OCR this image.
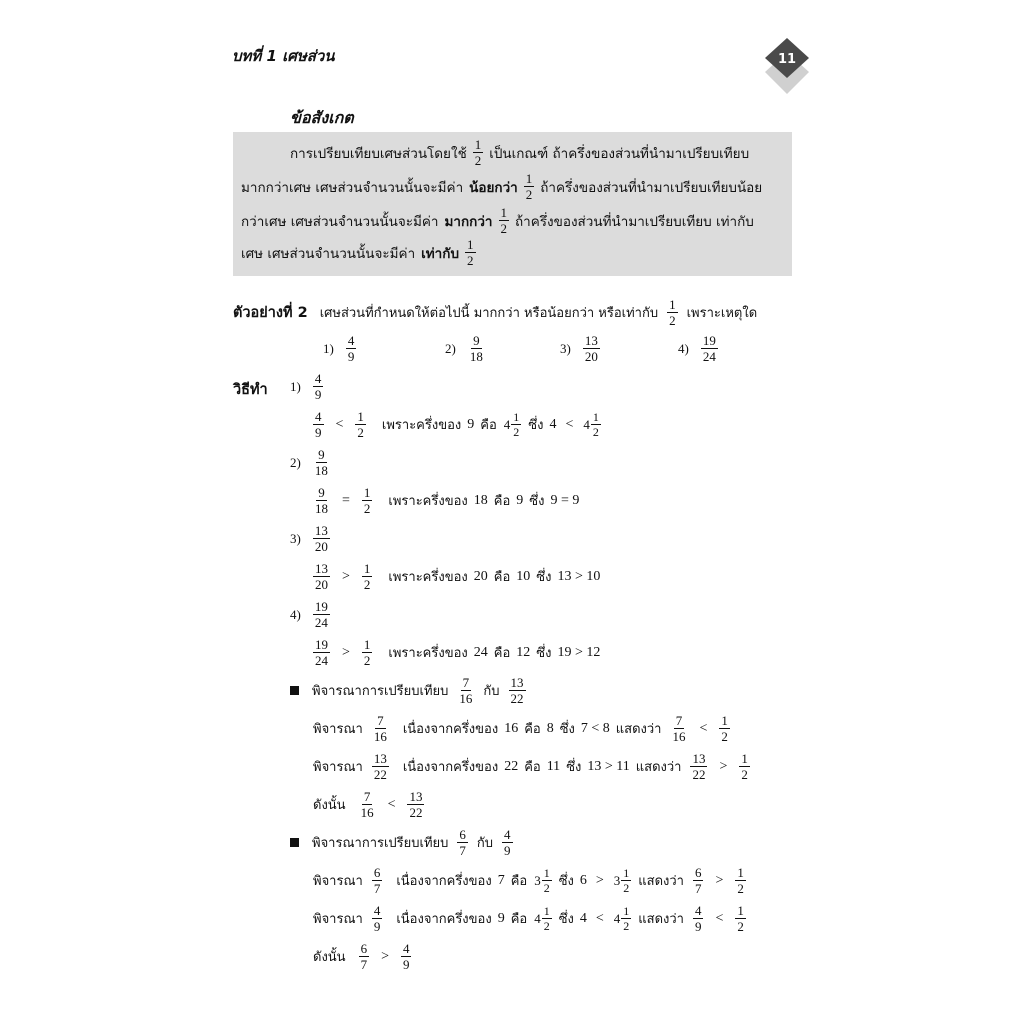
บทที่ 1 เศษส่วน	11
ข้อสังเกต
การเปรียบเทียบเศษส่วนโดยใช้ $\frac{1}{2}$ เป็นเกณฑ์ ถ้าครึ่งของส่วนที่นำมาเปรียบเทียบ
มากกว่าเศษ เศษส่วนจำนวนนั้นจะมีค่า น้อยกว่า $\frac{1}{2}$ ถ้าครึ่งของส่วนที่นำมาเปรียบเทียบน้อย
กว่าเศษ เศษส่วนจำนวนนั้นจะมีค่า มากกว่า $\frac{1}{2}$ ถ้าครึ่งของส่วนที่นำมาเปรียบเทียบ เท่ากับ
เศษ เศษส่วนจำนวนนั้นจะมีค่า เท่ากับ $\frac{1}{2}$
ตัวอย่างที่ 2 เศษส่วนที่กำหนดให้ต่อไปนี้ มากกว่า หรือน้อยกว่า หรือเท่ากับ $\frac{1}{2}$ เพราะเหตุใด
$1) \frac{4}{9}$	$2) \frac{9}{18}$	$3) \frac{13}{20}$	$4) \frac{19}{24}$
วิธีทำ $1) \frac{4}{9}$
$\frac{4}{9} < \frac{1}{2}$ เพราะครึ่งของ 9 คือ $4 \frac{1}{2}$ ซึ่ง $4 < 4 \frac{1}{2}$
$2) \frac{9}{18}$
$\frac{9}{18} = \frac{1}{2}$ เพราะครึ่งของ 18 คือ 9 ซึ่ง 9 = 9
$3) \frac{13}{20}$
$\frac{13}{20} > \frac{1}{2}$ เพราะครึ่งของ 20 คือ 10 ซึ่ง 13 > 10
$4) \frac{19}{24}$
$\frac{19}{24} > \frac{1}{2}$ เพราะครึ่งของ 24 คือ 12 ซึ่ง 19 > 12
พิจารณาการเปรียบเทียบ $\frac{7}{16}$ กับ $\frac{13}{22}$
พิจารณา $\frac{7}{16}$ เนื่องจากครึ่งของ 16 คือ 8 ซึ่ง 7 < 8 แสดงว่า $\frac{7}{16} < \frac{1}{2}$
พิจารณา $\frac{13}{22}$ เนื่องจากครึ่งของ 22 คือ 11 ซึ่ง 13 > 11 แสดงว่า $\frac{13}{22} > \frac{1}{2}$
ดังนั้น $\frac{7}{16} < \frac{13}{22}$
พิจารณาการเปรียบเทียบ $\frac{6}{7}$ กับ $\frac{4}{9}$
พิจารณา $\frac{6}{7}$ เนื่องจากครึ่งของ 7 คือ $3 \frac{1}{2}$ ซึ่ง $6 > 3 \frac{1}{2}$ แสดงว่า $\frac{6}{7} > \frac{1}{2}$
พิจารณา $\frac{4}{9}$ เนื่องจากครึ่งของ 9 คือ $4 \frac{1}{2}$ ซึ่ง $4 < 4 \frac{1}{2}$ แสดงว่า $\frac{4}{9} < \frac{1}{2}$
ดังนั้น $\frac{6}{7} > \frac{4}{9}$
